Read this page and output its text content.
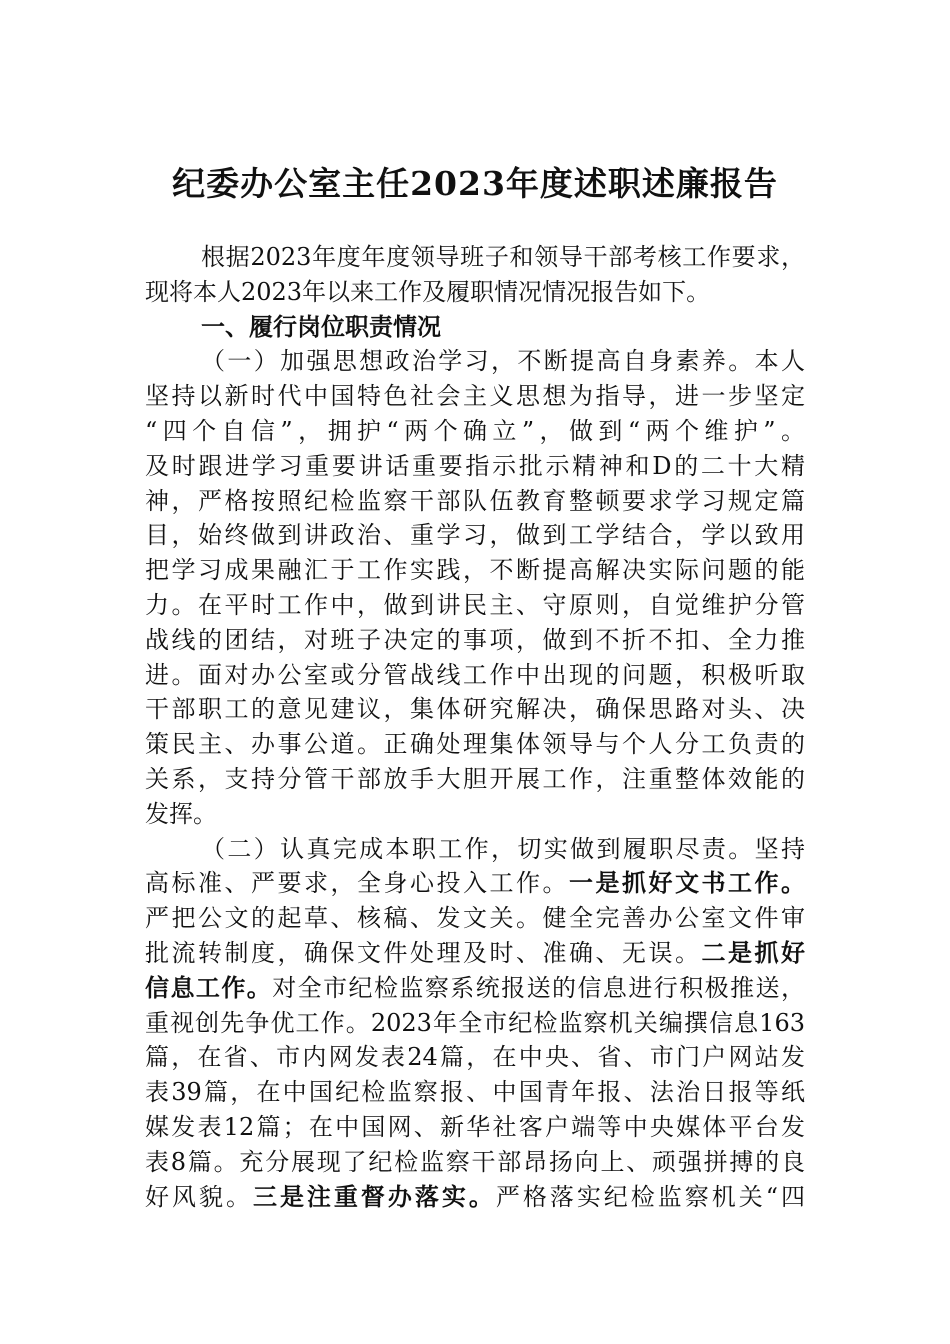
纪委办公室主任2023年度述职述廉报告
根据2023年度年度领导班子和领导干部考核工作要求，
现将本人2023年以来工作及履职情况情况报告如下。
一、履行岗位职责情况
（一）加强思想政治学习，不断提高自身素养。本人
坚持以新时代中国特色社会主义思想为指导，进一步坚定
“四个自信”，拥护“两个确立”，做到“两个维护”。
及时跟进学习重要讲话重要指示批示精神和D的二十大精
神，严格按照纪检监察干部队伍教育整顿要求学习规定篇
目，始终做到讲政治、重学习，做到工学结合，学以致用
把学习成果融汇于工作实践，不断提高解决实际问题的能
力。在平时工作中，做到讲民主、守原则，自觉维护分管
战线的团结，对班子决定的事项，做到不折不扣、全力推
进。面对办公室或分管战线工作中出现的问题，积极听取
干部职工的意见建议，集体研究解决，确保思路对头、决
策民主、办事公道。正确处理集体领导与个人分工负责的
关系，支持分管干部放手大胆开展工作，注重整体效能的
发挥。
（二）认真完成本职工作，切实做到履职尽责。坚持
高标准、严要求，全身心投入工作。一是抓好文书工作。
严把公文的起草、核稿、发文关。健全完善办公室文件审
批流转制度，确保文件处理及时、准确、无误。二是抓好
信息工作。对全市纪检监察系统报送的信息进行积极推送，
重视创先争优工作。2023年全市纪检监察机关编撰信息163
篇，在省、市内网发表24篇，在中央、省、市门户网站发
表39篇，在中国纪检监察报、中国青年报、法治日报等纸
媒发表12篇；在中国网、新华社客户端等中央媒体平台发
表8篇。充分展现了纪检监察干部昂扬向上、顽强拼搏的良
好风貌。三是注重督办落实。严格落实纪检监察机关“四
